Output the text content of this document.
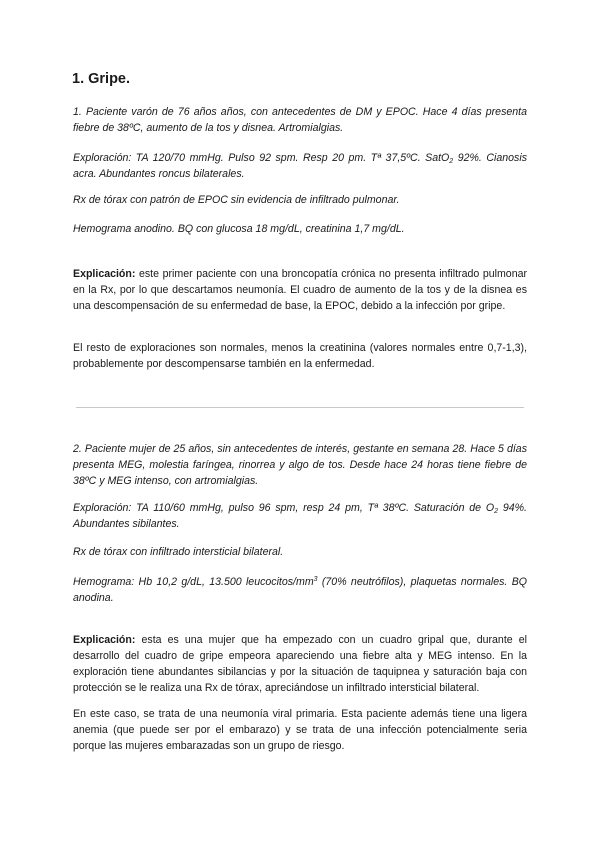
1. Gripe.

1. Paciente varón de 76 años años, con antecedentes de DM y EPOC. Hace 4 días presenta fiebre de 38ºC, aumento de la tos y disnea. Artromialgias.

Exploración: TA 120/70 mmHg. Pulso 92 spm. Resp 20 pm. Tª 37,5ºC. SatO$_2$ 92%. Cianosis acra. Abundantes roncus bilaterales.

Rx de tórax con patrón de EPOC sin evidencia de infiltrado pulmonar.

Hemograma anodino. BQ con glucosa 18 mg/dL, creatinina 1,7 mg/dL.

Explicación: este primer paciente con una broncopatía crónica no presenta infiltrado pulmonar en la Rx, por lo que descartamos neumonía. El cuadro de aumento de la tos y de la disnea es una descompensación de su enfermedad de base, la EPOC, debido a la infección por gripe.

El resto de exploraciones son normales, menos la creatinina (valores normales entre 0,7-1,3), probablemente por descompensarse también en la enfermedad.

2. Paciente mujer de 25 años, sin antecedentes de interés, gestante en semana 28. Hace 5 días presenta MEG, molestia faríngea, rinorrea y algo de tos. Desde hace 24 horas tiene fiebre de 38ºC y MEG intenso, con artromialgias.

Exploración: TA 110/60 mmHg, pulso 96 spm, resp 24 pm, Tª 38ºC. Saturación de $O_2$ 94%. Abundantes sibilantes.

Rx de tórax con infiltrado intersticial bilateral.

Hemograma: Hb 10,2 g/dL, 13.500 leucocitos/$mm^3$ (70% neutrófilos), plaquetas normales. BQ anodina.

Explicación: esta es una mujer que ha empezado con un cuadro gripal que, durante el desarrollo del cuadro de gripe empeora apareciendo una fiebre alta y MEG intenso. En la exploración tiene abundantes sibilancias y por la situación de taquipnea y saturación baja con protección se le realiza una Rx de tórax, apreciándose un infiltrado intersticial bilateral.

En este caso, se trata de una neumonía viral primaria. Esta paciente además tiene una ligera anemia (que puede ser por el embarazo) y se trata de una infección potencialmente seria porque las mujeres embarazadas son un grupo de riesgo.
